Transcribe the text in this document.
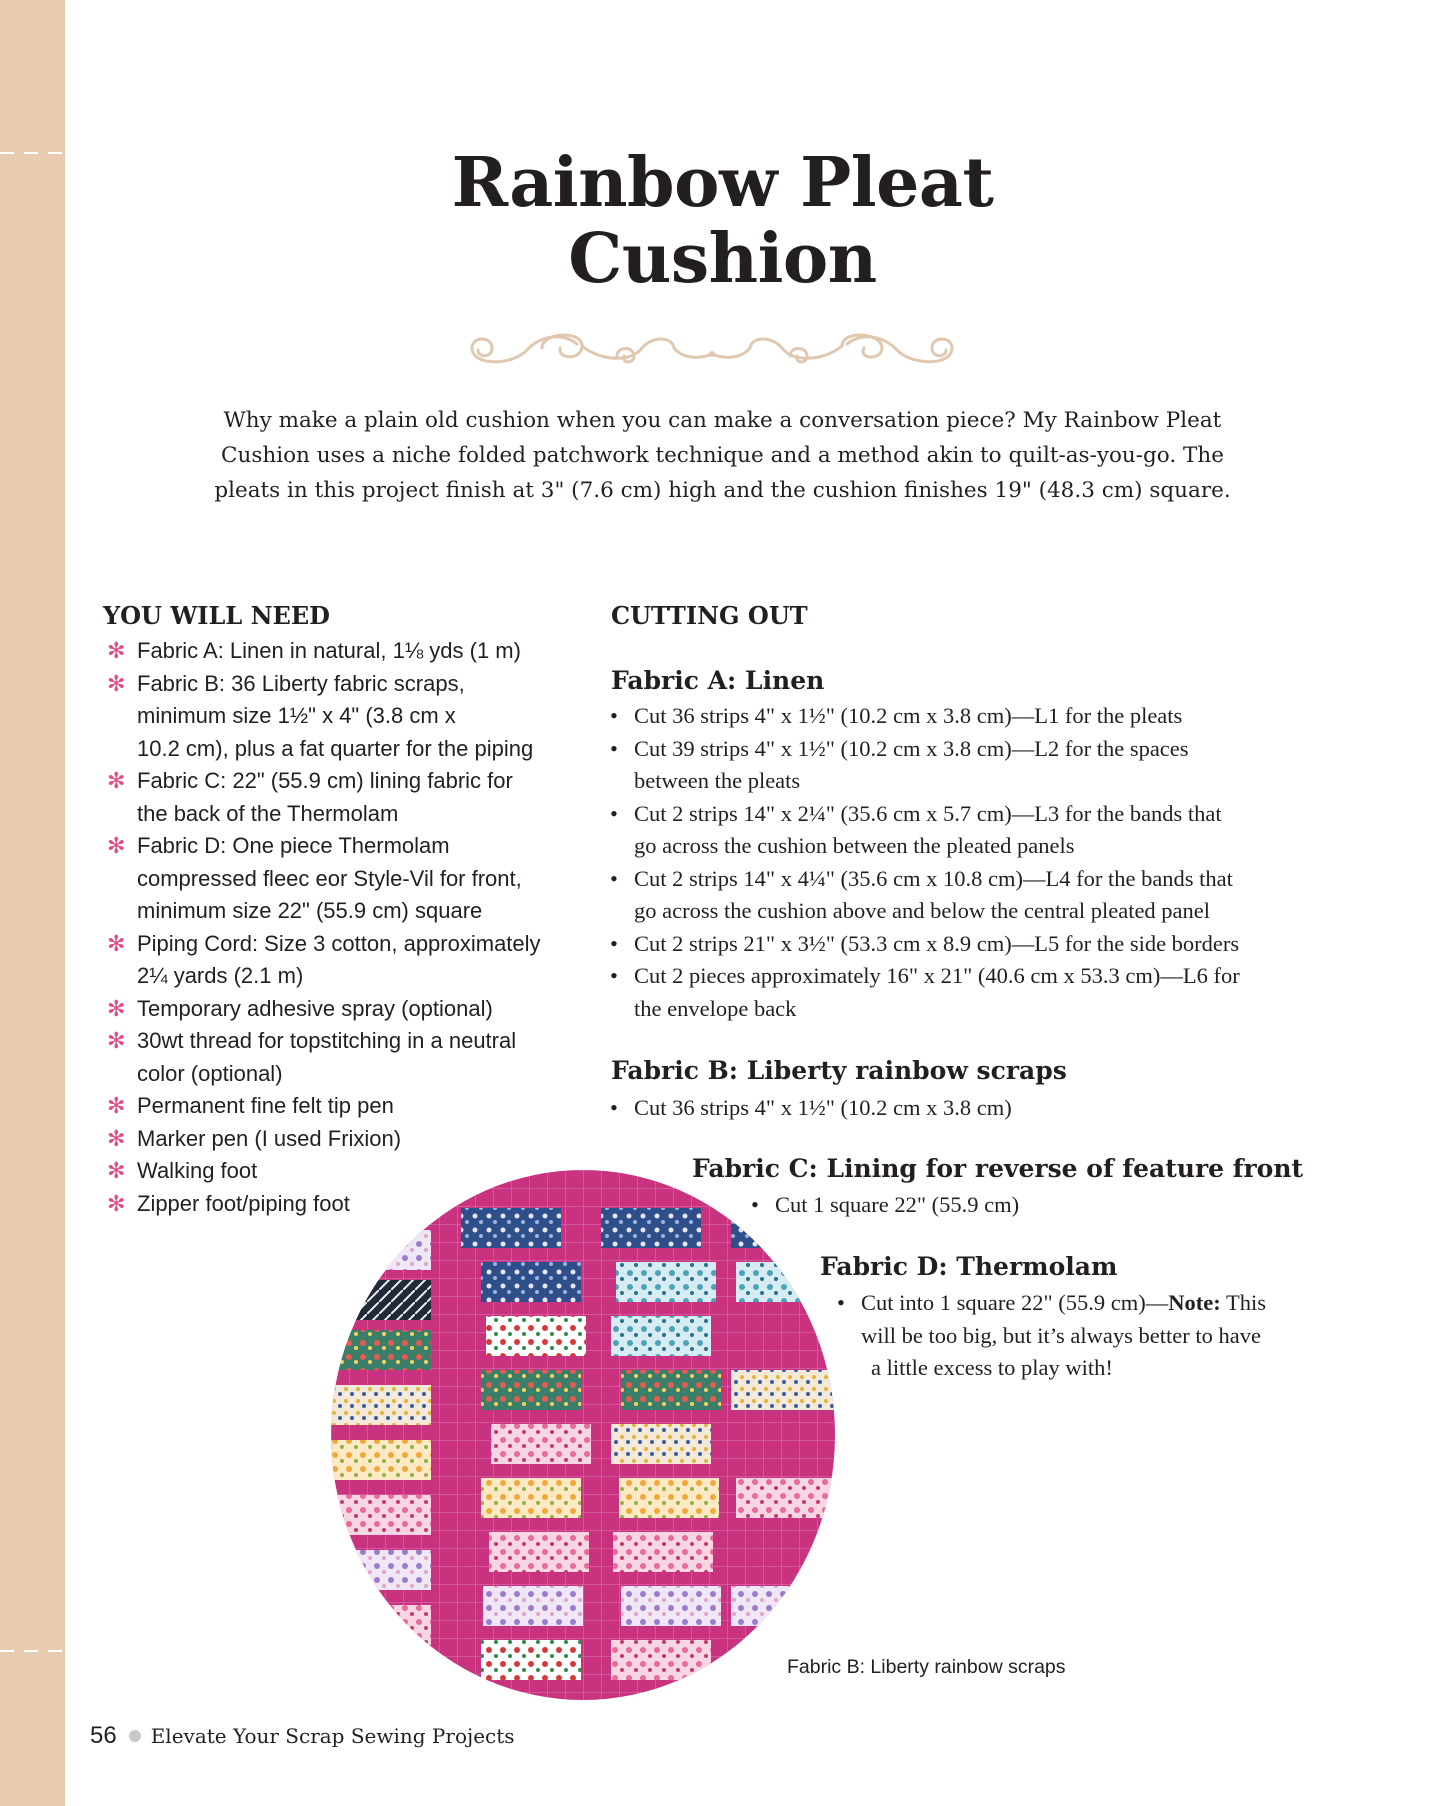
Rainbow Pleat
Cushion
Why make a plain old cushion when you can make a conversation piece? My Rainbow Pleat
Cushion uses a niche folded patchwork technique and a method akin to quilt-as-you-go. The
pleats in this project finish at 3" (7.6 cm) high and the cushion finishes 19" (48.3 cm) square.
YOU WILL NEED
✻ Fabric A: Linen in natural, 1⅛ yds (1 m)
✻ Fabric B: 36 Liberty fabric scraps,
minimum size 1½" x 4" (3.8 cm x
10.2 cm), plus a fat quarter for the piping
✻ Fabric C: 22" (55.9 cm) lining fabric for
the back of the Thermolam
✻ Fabric D: One piece Thermolam
compressed fleec eor Style-Vil for front,
minimum size 22" (55.9 cm) square
✻ Piping Cord: Size 3 cotton, approximately
2¼ yards (2.1 m)
✻ Temporary adhesive spray (optional)
✻ 30wt thread for topstitching in a neutral
color (optional)
✻ Permanent fine felt tip pen
✻ Marker pen (I used Frixion)
✻ Walking foot
✻ Zipper foot/piping foot
CUTTING OUT
Fabric A: Linen
• Cut 36 strips 4" x 1½" (10.2 cm x 3.8 cm)—L1 for the pleats
• Cut 39 strips 4" x 1½" (10.2 cm x 3.8 cm)—L2 for the spaces
between the pleats
• Cut 2 strips 14" x 2¼" (35.6 cm x 5.7 cm)—L3 for the bands that
go across the cushion between the pleated panels
• Cut 2 strips 14" x 4¼" (35.6 cm x 10.8 cm)—L4 for the bands that
go across the cushion above and below the central pleated panel
• Cut 2 strips 21" x 3½" (53.3 cm x 8.9 cm)—L5 for the side borders
• Cut 2 pieces approximately 16" x 21" (40.6 cm x 53.3 cm)—L6 for
the envelope back
Fabric B: Liberty rainbow scraps
• Cut 36 strips 4" x 1½" (10.2 cm x 3.8 cm)
Fabric C: Lining for reverse of feature front
• Cut 1 square 22" (55.9 cm)
Fabric D: Thermolam
• Cut into 1 square 22" (55.9 cm)—Note: This
will be too big, but it’s always better to have
a little excess to play with!
Fabric B: Liberty rainbow scraps
56 Elevate Your Scrap Sewing Projects
